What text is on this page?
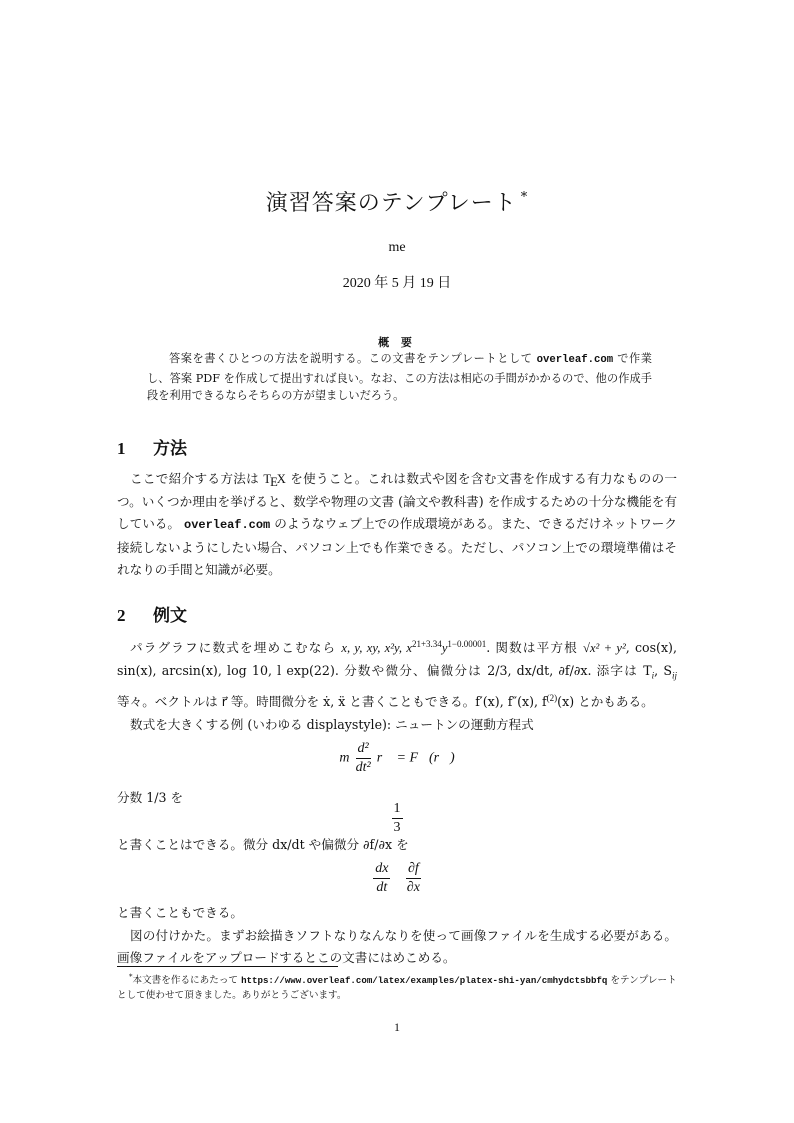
演習答案のテンプレート *
me
2020 年 5 月 19 日
概 要

答案を書くひとつの方法を説明する。この文書をテンプレートとして overleaf.com で作業し、答案 PDF を作成して提出すれば良い。なお、この方法は相応の手間がかかるので、他の作成手段を利用できるならそちらの方が望ましいだろう。

1 方法

ここで紹介する方法は TEX を使うこと。これは数式や図を含む文書を作成する有力なものの一つ。いくつか理由を挙げると、数学や物理の文書 (論文や教科書) を作成するための十分な機能を有している。 overleaf.com のようなウェブ上での作成環境がある。また、できるだけネットワーク接続しないようにしたい場合、パソコン上でも作業できる。ただし、パソコン上での環境準備はそれなりの手間と知識が必要。

2 例文

パラグラフに数式を埋めこむなら x, y, xy, x²y, $x^{21+3.34}y^{1-0.00001}$. 関数は平方根 √x² + y², cos(x), sin(x), arcsin(x), log 10, l exp(22). 分数や微分、偏微分は 2/3, dx/dt, ∂f/∂x. 添字は $T_i$, $S_{ij}$ 等々。ベクトルは r⃗ 等。時間微分を ẋ, ẍ と書くこともできる。f′(x), f″(x), $f^{(2)}(x)$ とかもある。

数式を大きくする例 (いわゆる displaystyle): ニュートンの運動方程式

m $\frac{\text{d²}}{\text{dt²}}$ r⃗ = F⃗(r⃗)

分数 1/3 を

$\frac{1}{3}$

と書くことはできる。微分 dx/dt や偏微分 ∂f/∂x を

$\frac{dx}{dt}$
$\frac{\partial f}{\partial x}$

と書くこともできる。

図の付けかた。まずお絵描きソフトなりなんなりを使って画像ファイルを生成する必要がある。画像ファイルをアップロードするとこの文書にはめこめる。

*本文書を作るにあたって https://www.overleaf.com/latex/examples/platex-shi-yan/cmhydctsbbfq をテンプレートとして使わせて頂きました。ありがとうございます。

1
